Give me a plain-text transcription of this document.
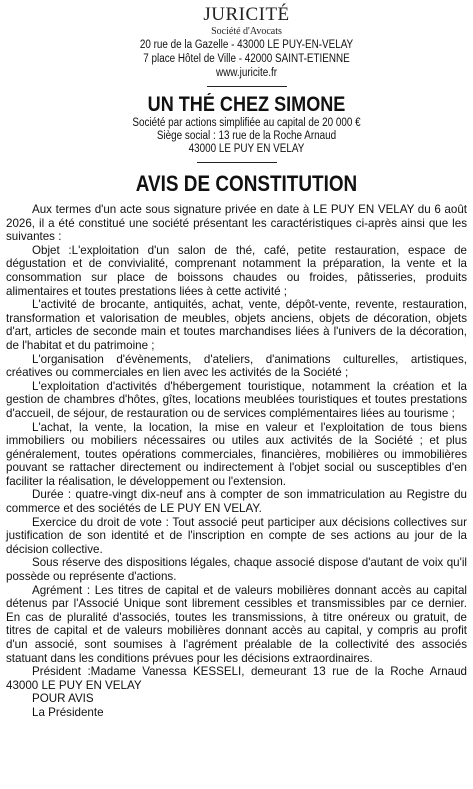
JURICITÉ
Société d'Avocats
20 rue de la Gazelle - 43000 LE PUY-EN-VELAY
7 place Hôtel de Ville - 42000 SAINT-ETIENNE
www.juricite.fr
UN THÉ CHEZ SIMONE
Société par actions simplifiée au capital de 20 000 €
Siège social : 13 rue de la Roche Arnaud
43000 LE PUY EN VELAY
AVIS DE CONSTITUTION

Aux termes d'un acte sous signature privée en date à LE PUY EN VELAY du 6 août 2026, il a été constitué une société présentant les caractéristiques ci-après ainsi que les suivantes :

Objet :L'exploitation d'un salon de thé, café, petite restauration, espace de dégustation et de convivialité, comprenant notamment la préparation, la vente et la consommation sur place de boissons chaudes ou froides, pâtisseries, produits alimentaires et toutes prestations liées à cette activité ;

L'activité de brocante, antiquités, achat, vente, dépôt-vente, revente, restauration, transformation et valorisation de meubles, objets anciens, objets de décoration, objets d'art, articles de seconde main et toutes marchandises liées à l'univers de la décoration, de l'habitat et du patrimoine ;

L'organisation d'évènements, d'ateliers, d'animations culturelles, artistiques, créatives ou commerciales en lien avec les activités de la Société ;

L'exploitation d'activités d'hébergement touristique, notamment la création et la gestion de chambres d'hôtes, gîtes, locations meublées touristiques et toutes prestations d'accueil, de séjour, de restauration ou de services complémentaires liées au tourisme ;

L'achat, la vente, la location, la mise en valeur et l'exploitation de tous biens immobiliers ou mobiliers nécessaires ou utiles aux activités de la Société ; et plus généralement, toutes opérations commerciales, financières, mobilières ou immobilières pouvant se rattacher directement ou indirectement à l'objet social ou susceptibles d'en faciliter la réalisation, le développement ou l'extension.

Durée : quatre-vingt dix-neuf ans à compter de son immatriculation au Registre du commerce et des sociétés de LE PUY EN VELAY.

Exercice du droit de vote : Tout associé peut participer aux décisions collectives sur justification de son identité et de l'inscription en compte de ses actions au jour de la décision collective.

Sous réserve des dispositions légales, chaque associé dispose d'autant de voix qu'il possède ou représente d'actions.

Agrément : Les titres de capital et de valeurs mobilières donnant accès au capital détenus par l'Associé Unique sont librement cessibles et transmissibles par ce dernier. En cas de pluralité d'associés, toutes les transmissions, à titre onéreux ou gratuit, de titres de capital et de valeurs mobilières donnant accès au capital, y compris au profit d'un associé, sont soumises à l'agrément préalable de la collectivité des associés statuant dans les conditions prévues pour les décisions extraordinaires.

Président :Madame Vanessa KESSELI, demeurant 13 rue de la Roche Arnaud 43000 LE PUY EN VELAY

POUR AVIS

La Présidente
